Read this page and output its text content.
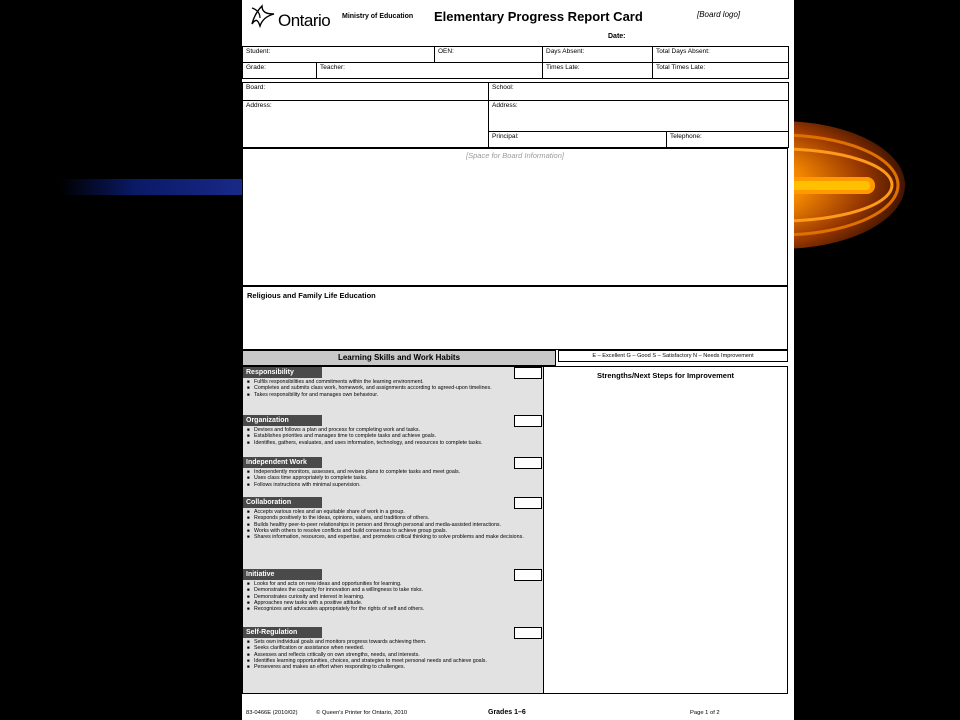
Ontario Ministry of Education Elementary Progress Report Card	[Board logo]
Date:
Student:		OEN:	Days Absent:	Total Days Absent:
Grade:	Teacher:		Times Late:	Total Times Late:
Board:	School:	
Address:	Address:	
	Principal:	Telephone:
[Space for Board Information]
Religious and Family Life Education
Learning Skills and Work Habits	E – Excellent G – Good S – Satisfactory N – Needs Improvement
Responsibility
■ Fulfils responsibilities and commitments within the learning environment.
■ Completes and submits class work, homework, and assignments according to agreed-upon timelines.
■ Takes responsibility for and manages own behaviour.
Organization
■ Devises and follows a plan and process for completing work and tasks.
■ Establishes priorities and manages time to complete tasks and achieve goals.
■ Identifies, gathers, evaluates, and uses information, technology, and resources to complete tasks.
Independent Work
■ Independently monitors, assesses, and revises plans to complete tasks and meet goals.
■ Uses class time appropriately to complete tasks.
■ Follows instructions with minimal supervision.
Collaboration
■ Accepts various roles and an equitable share of work in a group.
■ Responds positively to the ideas, opinions, values, and traditions of others.
■ Builds healthy peer-to-peer relationships in person and through personal and media-assisted interactions.
■ Works with others to resolve conflicts and build consensus to achieve group goals.
■ Shares information, resources, and expertise, and promotes critical thinking to solve problems and make decisions.
Initiative
■ Looks for and acts on new ideas and opportunities for learning.
■ Demonstrates the capacity for innovation and a willingness to take risks.
■ Demonstrates curiosity and interest in learning.
■ Approaches new tasks with a positive attitude.
■ Recognizes and advocates appropriately for the rights of self and others.
Self-Regulation
■ Sets own individual goals and monitors progress towards achieving them.
■ Seeks clarification or assistance when needed.
■ Assesses and reflects critically on own strengths, needs, and interests.
■ Identifies learning opportunities, choices, and strategies to meet personal needs and achieve goals.
■ Perseveres and makes an effort when responding to challenges.
Strengths/Next Steps for Improvement
83-0466E (2010/02)	© Queen's Printer for Ontario, 2010	Grades 1–6	Page 1 of 2
